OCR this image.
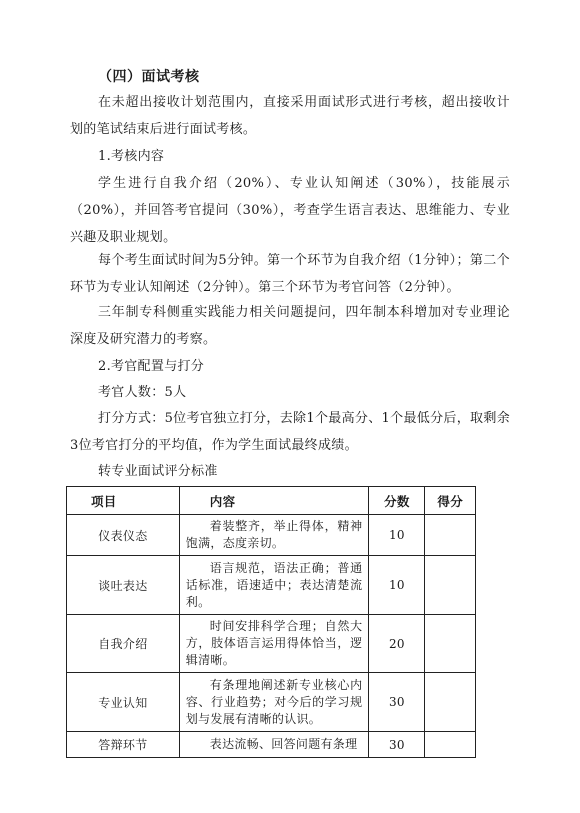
（四）面试考核
在未超出接收计划范围内，直接采用面试形式进行考核，超出接收计划的笔试结束后进行面试考核。
1.考核内容
学生进行自我介绍（20%）、专业认知阐述（30%），技能展示（20%），并回答考官提问（30%），考查学生语言表达、思维能力、专业兴趣及职业规划。
每个考生面试时间为5分钟。第一个环节为自我介绍（1分钟）；第二个环节为专业认知阐述（2分钟）。第三个环节为考官问答（2分钟）。
三年制专科侧重实践能力相关问题提问，四年制本科增加对专业理论深度及研究潜力的考察。
2.考官配置与打分
考官人数：5人
打分方式：5位考官独立打分，去除1个最高分、1个最低分后，取剩余3位考官打分的平均值，作为学生面试最终成绩。
转专业面试评分标准
项目	内容	分数	得分
仪表仪态	着装整齐，举止得体，精神饱满，态度亲切。	10	
谈吐表达	语言规范，语法正确；普通话标准，语速适中；表达清楚流利。	10	
自我介绍	时间安排科学合理；自然大方，肢体语言运用得体恰当，逻辑清晰。	20	
专业认知	有条理地阐述新专业核心内容、行业趋势；对今后的学习规划与发展有清晰的认识。	30	
答辩环节	表达流畅、回答问题有条理	30	
